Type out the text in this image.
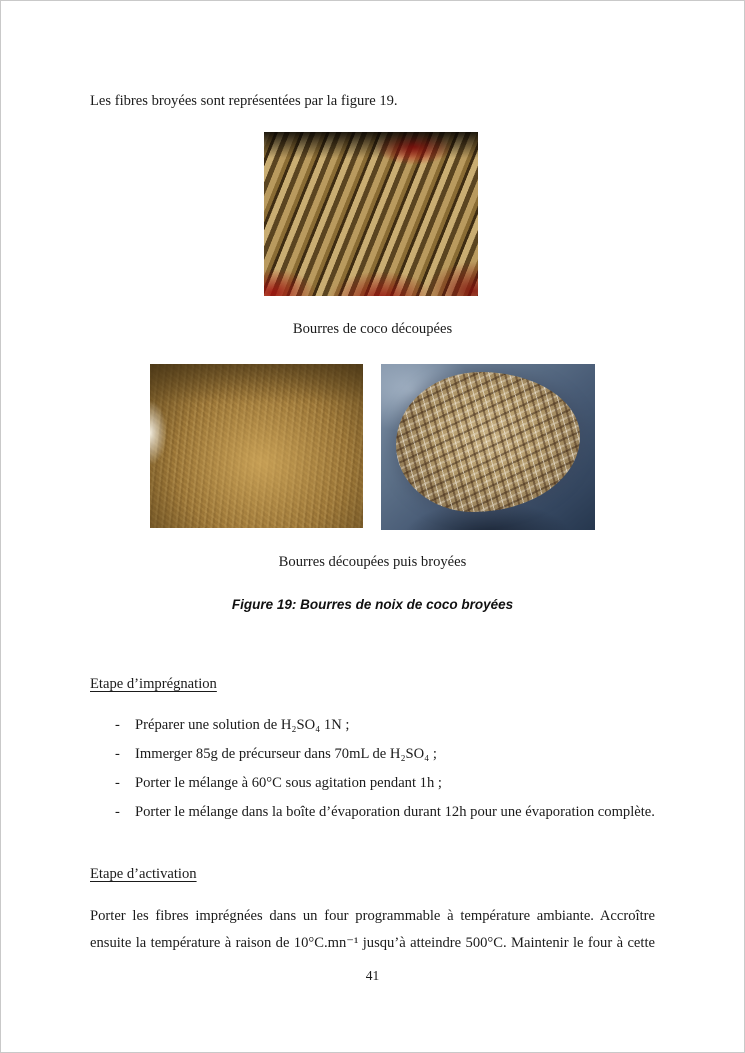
Les fibres broyées sont représentées par la figure 19.
Bourres de coco découpées
Bourres découpées puis broyées
Figure 19: Bourres de noix de coco broyées
Etape d’imprégnation
-	Préparer une solution de H₂SO₄ 1N ;
-	Immerger 85g de précurseur dans 70mL de H₂SO₄ ;
-	Porter le mélange à 60°C sous agitation pendant 1h ;
-	Porter le mélange dans la boîte d’évaporation durant 12h pour une évaporation complète.
Etape d’activation
Porter les fibres imprégnées dans un four programmable à température ambiante. Accroître
ensuite la température à raison de 10°C.mn⁻¹ jusqu’à atteindre 500°C. Maintenir le four à cette
41
